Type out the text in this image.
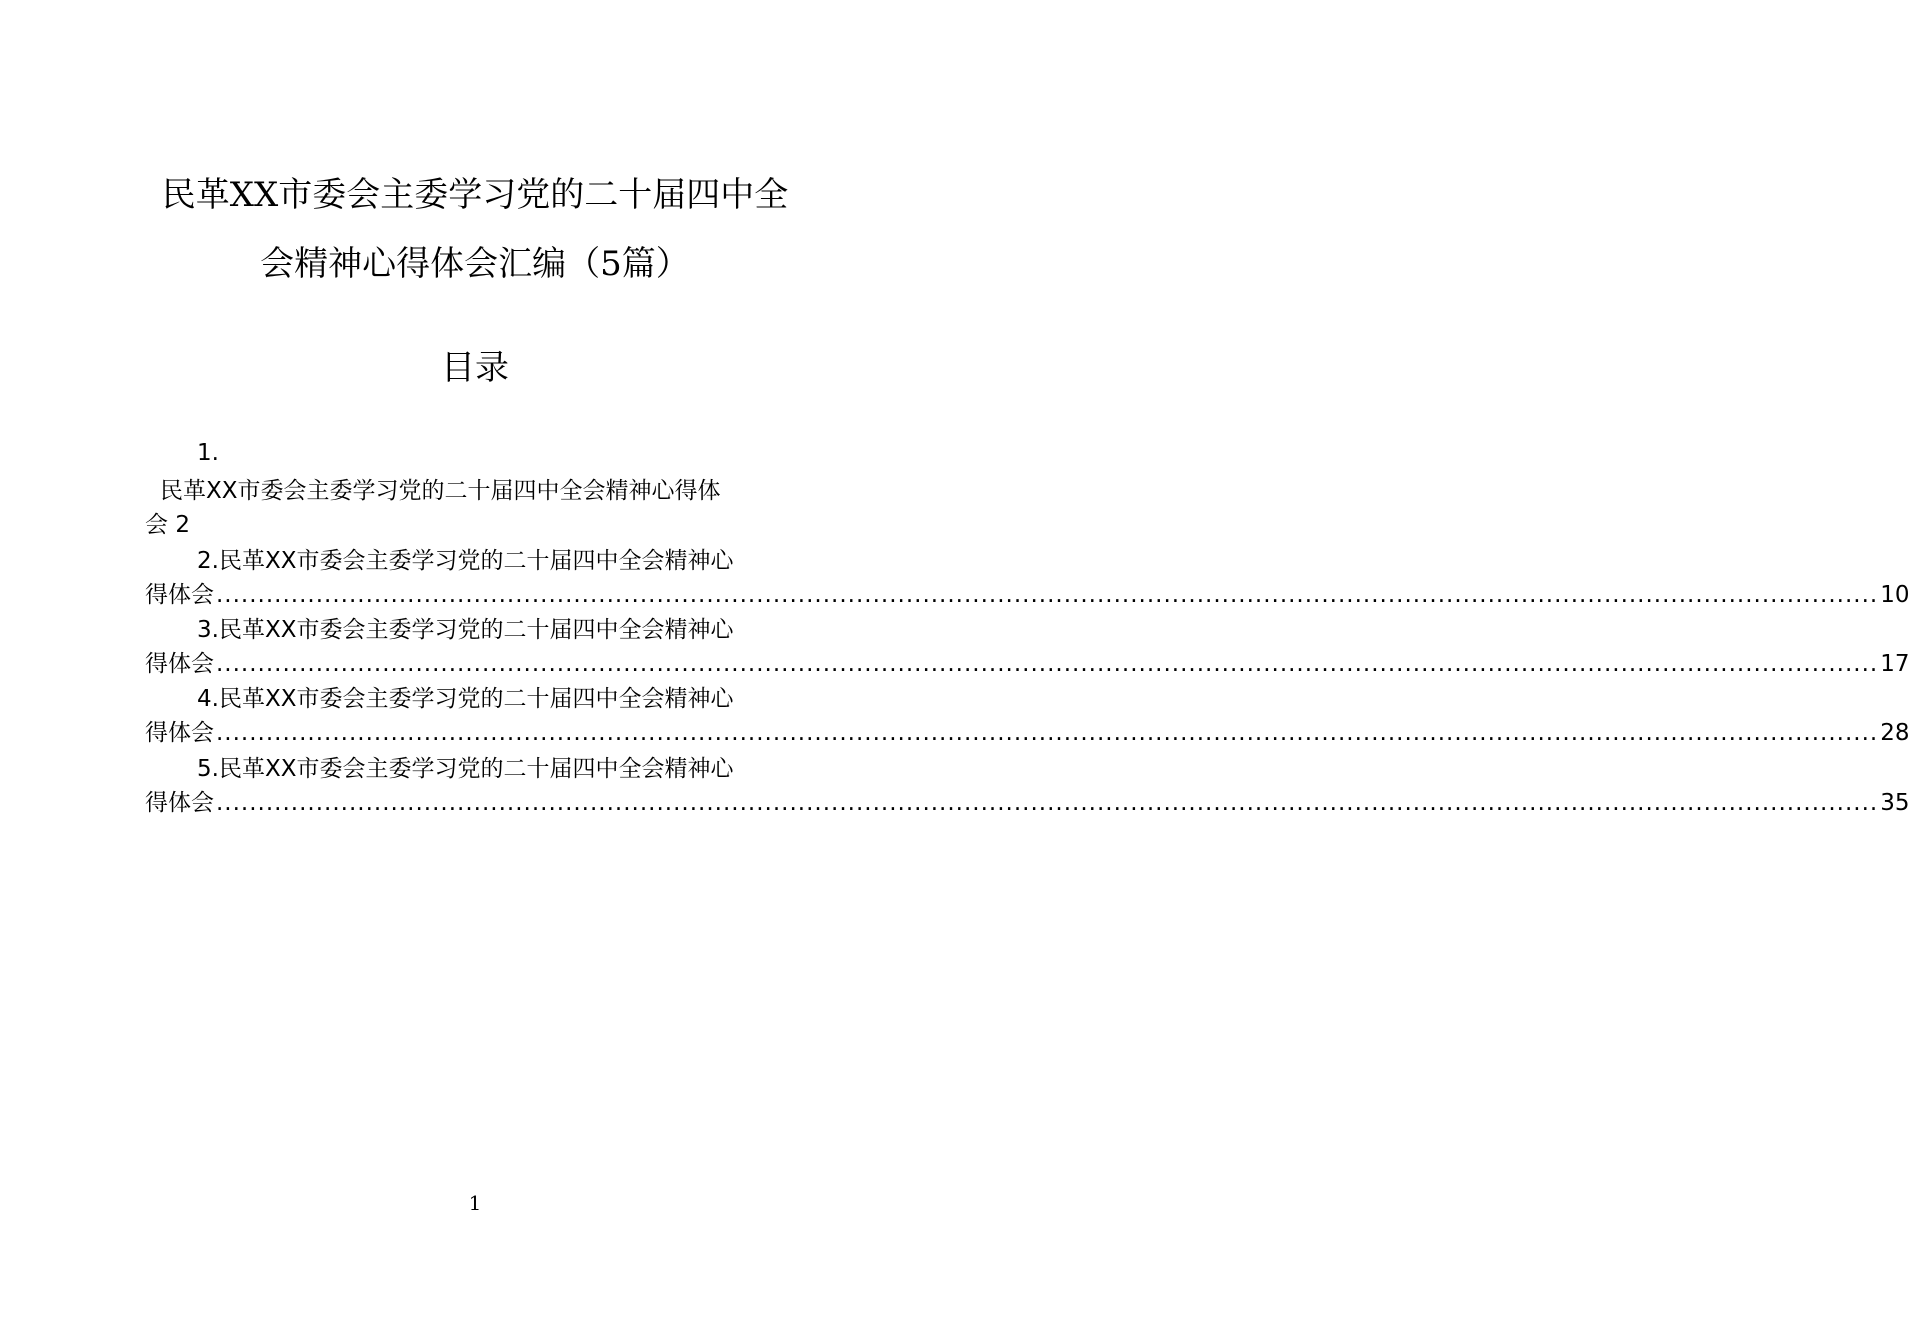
民革XX市委会主委学习党的二十届四中全
会精神心得体会汇编（5篇）
目录
1.
民革XX市委会主委学习党的二十届四中全会精神心得体
会 2
2.民革XX市委会主委学习党的二十届四中全会精神心
得体会 ........................................................................................................................................................................................................ 10
3.民革XX市委会主委学习党的二十届四中全会精神心
得体会 ........................................................................................................................................................................................................ 17
4.民革XX市委会主委学习党的二十届四中全会精神心
得体会 ........................................................................................................................................................................................................ 28
5.民革XX市委会主委学习党的二十届四中全会精神心
得体会 ........................................................................................................................................................................................................ 35
1
